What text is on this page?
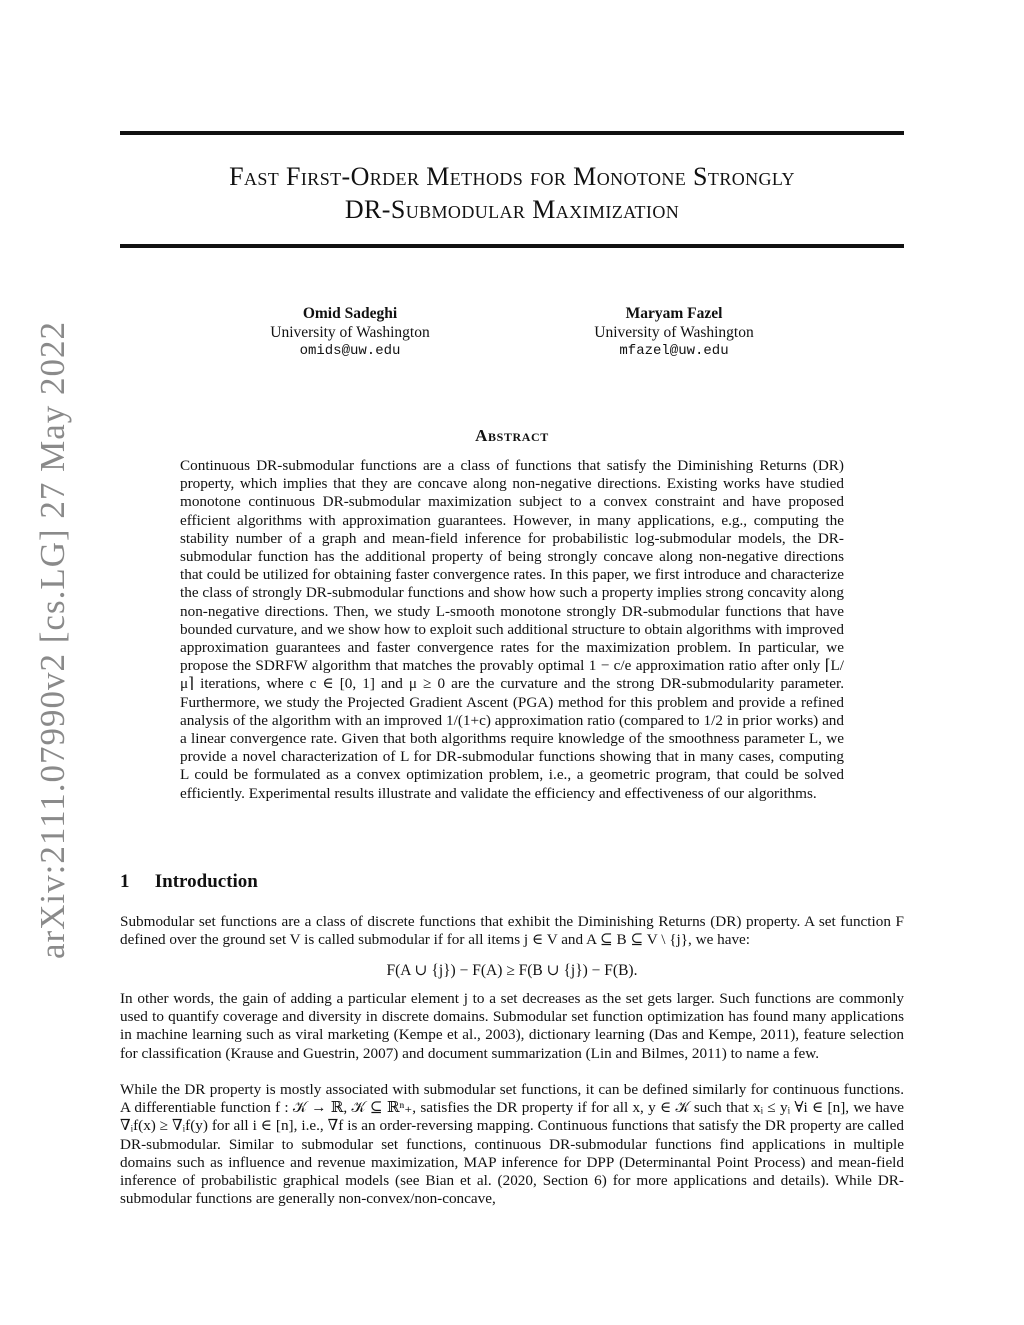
arXiv:2111.07990v2 [cs.LG] 27 May 2022
Fast First-Order Methods for Monotone Strongly
DR-Submodular Maximization
Omid Sadeghi
University of Washington
omids@uw.edu
Maryam Fazel
University of Washington
mfazel@uw.edu
Abstract

Continuous DR-submodular functions are a class of functions that satisfy the Diminishing Returns (DR) property, which implies that they are concave along non-negative directions. Existing works have studied monotone continuous DR-submodular maximization subject to a convex constraint and have proposed efficient algorithms with approximation guarantees. However, in many applications, e.g., computing the stability number of a graph and mean-field inference for probabilistic log-submodular models, the DR-submodular function has the additional property of being strongly concave along non-negative directions that could be utilized for obtaining faster convergence rates. In this paper, we first introduce and characterize the class of strongly DR-submodular functions and show how such a property implies strong concavity along non-negative directions. Then, we study L-smooth monotone strongly DR-submodular functions that have bounded curvature, and we show how to exploit such additional structure to obtain algorithms with improved approximation guarantees and faster convergence rates for the maximization problem. In particular, we propose the SDRFW algorithm that matches the provably optimal 1 − c/e approximation ratio after only ⌈L/μ⌉ iterations, where c ∈ [0, 1] and μ ≥ 0 are the curvature and the strong DR-submodularity parameter. Furthermore, we study the Projected Gradient Ascent (PGA) method for this problem and provide a refined analysis of the algorithm with an improved 1/(1+c) approximation ratio (compared to 1/2 in prior works) and a linear convergence rate. Given that both algorithms require knowledge of the smoothness parameter L, we provide a novel characterization of L for DR-submodular functions showing that in many cases, computing L could be formulated as a convex optimization problem, i.e., a geometric program, that could be solved efficiently. Experimental results illustrate and validate the efficiency and effectiveness of our algorithms.

1 Introduction

Submodular set functions are a class of discrete functions that exhibit the Diminishing Returns (DR) property. A set function F defined over the ground set V is called submodular if for all items j ∈ V and A ⊆ B ⊆ V \ {j}, we have:

F(A ∪ {j}) − F(A) ≥ F(B ∪ {j}) − F(B).

In other words, the gain of adding a particular element j to a set decreases as the set gets larger. Such functions are commonly used to quantify coverage and diversity in discrete domains. Submodular set function optimization has found many applications in machine learning such as viral marketing (Kempe et al., 2003), dictionary learning (Das and Kempe, 2011), feature selection for classification (Krause and Guestrin, 2007) and document summarization (Lin and Bilmes, 2011) to name a few.

While the DR property is mostly associated with submodular set functions, it can be defined similarly for continuous functions. A differentiable function f : 𝒦 → ℝ, 𝒦 ⊆ ℝⁿ₊, satisfies the DR property if for all x, y ∈ 𝒦 such that xᵢ ≤ yᵢ ∀i ∈ [n], we have ∇ᵢf(x) ≥ ∇ᵢf(y) for all i ∈ [n], i.e., ∇f is an order-reversing mapping. Continuous functions that satisfy the DR property are called DR-submodular. Similar to submodular set functions, continuous DR-submodular functions find applications in multiple domains such as influence and revenue maximization, MAP inference for DPP (Determinantal Point Process) and mean-field inference of probabilistic graphical models (see Bian et al. (2020, Section 6) for more applications and details). While DR-submodular functions are generally non-convex/non-concave,
